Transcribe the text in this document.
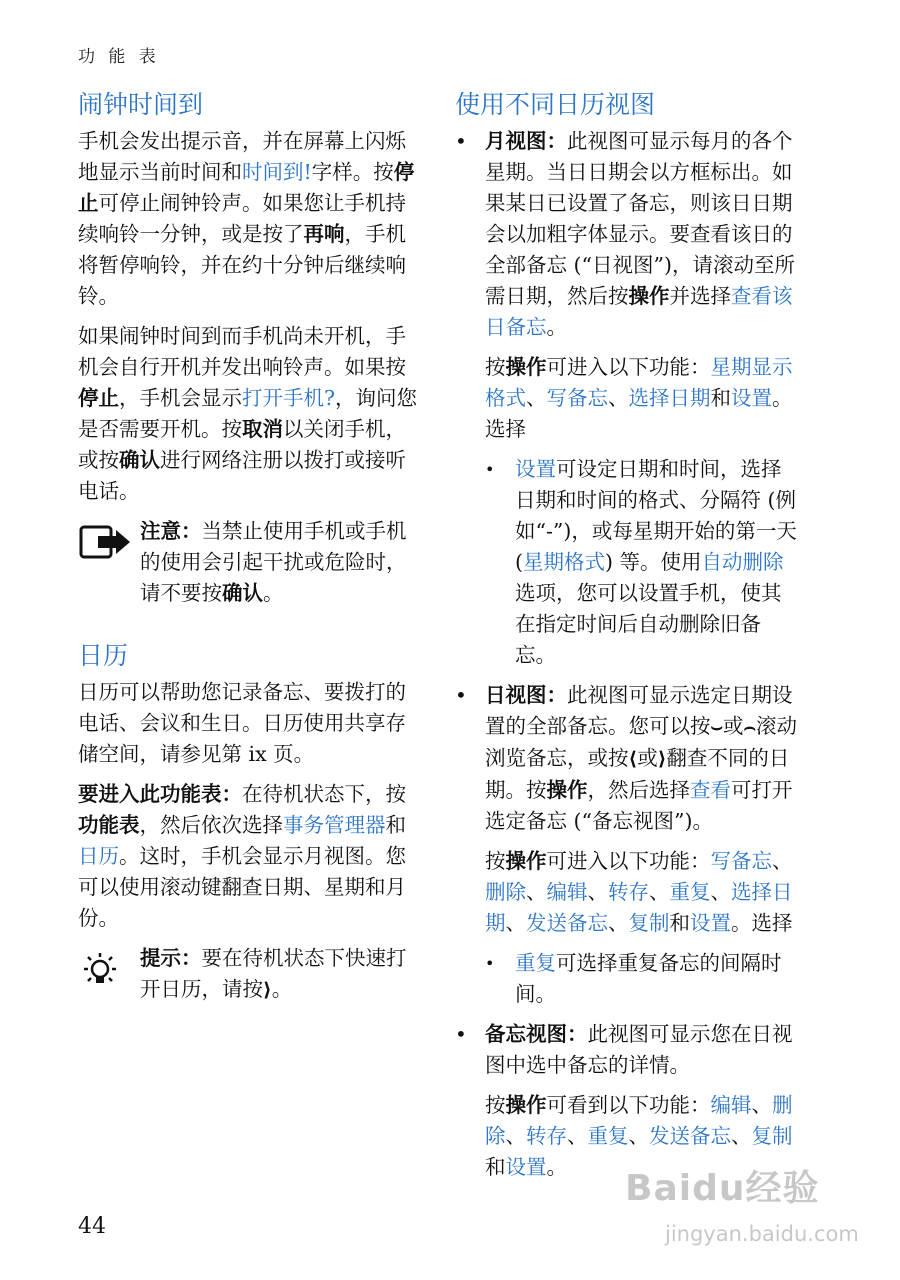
功 能 表
闹钟时间到

手机会发出提示音，并在屏幕上闪烁地显示当前时间和时间到!字样。按停止可停止闹钟铃声。如果您让手机持续响铃一分钟，或是按了再响，手机将暂停响铃，并在约十分钟后继续响铃。

如果闹钟时间到而手机尚未开机，手机会自行开机并发出响铃声。如果按停止，手机会显示打开手机?，询问您是否需要开机。按取消以关闭手机，或按确认进行网络注册以拨打或接听电话。

注意：当禁止使用手机或手机的使用会引起干扰或危险时，请不要按确认。

日历

日历可以帮助您记录备忘、要拨打的电话、会议和生日。日历使用共享存储空间，请参见第 ix 页。

要进入此功能表：在待机状态下，按功能表，然后依次选择事务管理器和日历。这时，手机会显示月视图。您可以使用滚动键翻查日期、星期和月份。

提示：要在待机状态下快速打开日历，请按⟩。

使用不同日历视图
• 月视图：此视图可显示每月的各个星期。当日日期会以方框标出。如果某日已设置了备忘，则该日日期会以加粗字体显示。要查看该日的全部备忘 (“日视图”)，请滚动至所需日期，然后按操作并选择查看该日备忘。

按操作可进入以下功能：星期显示格式、写备忘、选择日期和设置。选择

• 设置可设定日期和时间，选择日期和时间的格式、分隔符 (例如“-”)，或每星期开始的第一天 (星期格式) 等。使用自动删除选项，您可以设置手机，使其在指定时间后自动删除旧备忘。

• 日视图：此视图可显示选定日期设置的全部备忘。您可以按⌣或⌢滚动浏览备忘，或按⟨或⟩翻查不同的日期。按操作，然后选择查看可打开选定备忘 (“备忘视图”)。

按操作可进入以下功能：写备忘、删除、编辑、转存、重复、选择日期、发送备忘、复制和设置。选择

• 重复可选择重复备忘的间隔时间。

• 备忘视图：此视图可显示您在日视图中选中备忘的详情。

按操作可看到以下功能：编辑、删除、转存、重复、发送备忘、复制和设置。

44
Baidu经验
jingyan.baidu.com
